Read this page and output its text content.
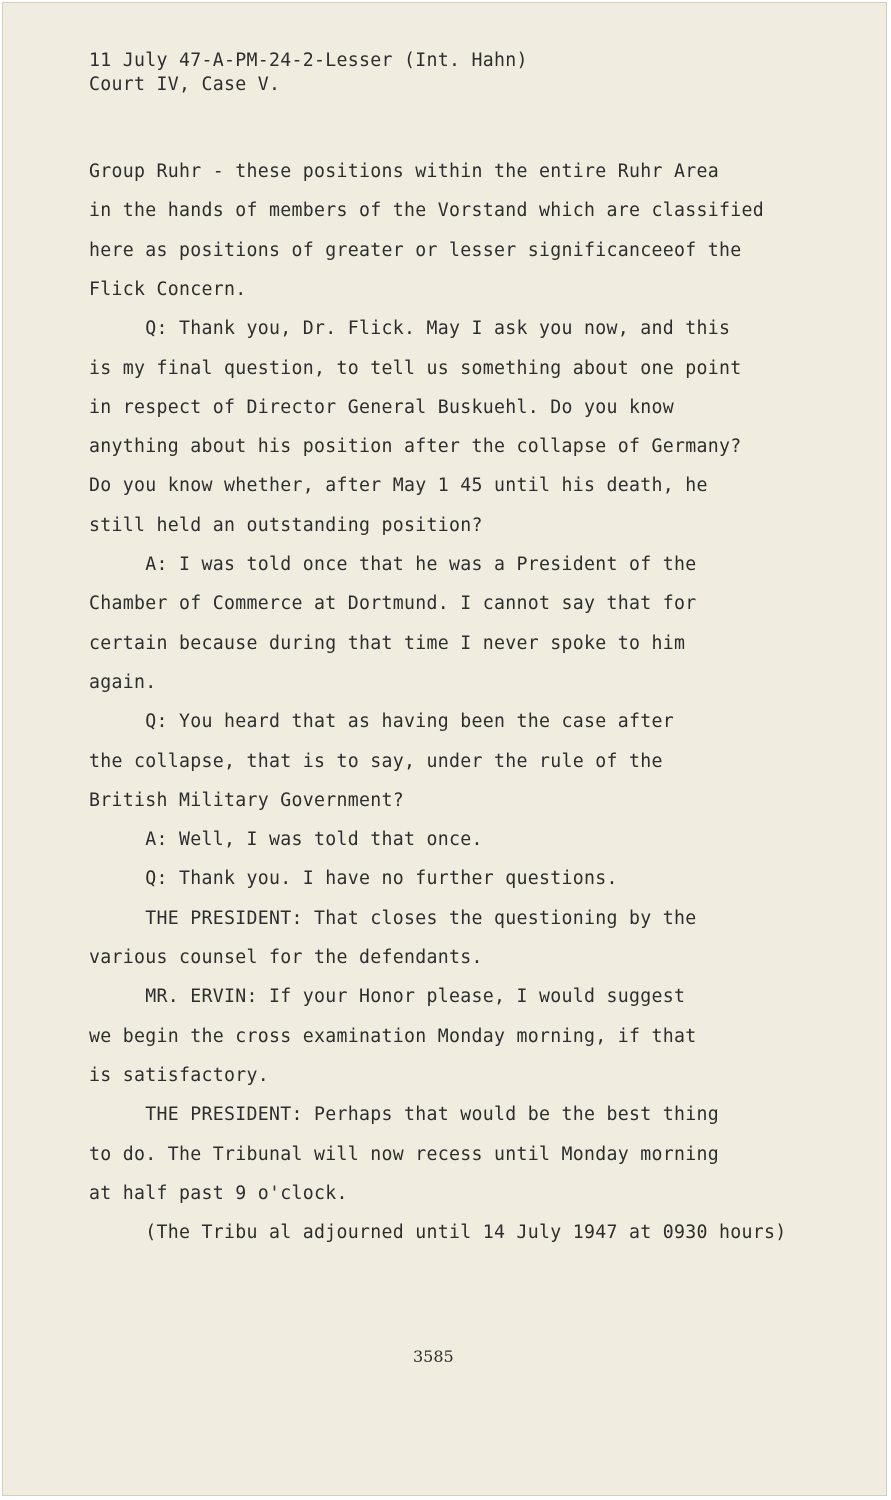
11 July 47-A-PM-24-2-Lesser (Int. Hahn)
Court IV, Case V.
Group Ruhr - these positions within the entire Ruhr Area
in the hands of members of the Vorstand which are classified
here as positions of greater or lesser significanceeof the
Flick Concern.
Q: Thank you, Dr. Flick. May I ask you now, and this
is my final question, to tell us something about one point
in respect of Director General Buskuehl. Do you know
anything about his position after the collapse of Germany?
Do you know whether, after May 1 45 until his death, he
still held an outstanding position?
A: I was told once that he was a President of the
Chamber of Commerce at Dortmund. I cannot say that for
certain because during that time I never spoke to him
again.
Q: You heard that as having been the case after
the collapse, that is to say, under the rule of the
British Military Government?
A: Well, I was told that once.
Q: Thank you. I have no further questions.
THE PRESIDENT: That closes the questioning by the
various counsel for the defendants.
MR. ERVIN: If your Honor please, I would suggest
we begin the cross examination Monday morning, if that
is satisfactory.
THE PRESIDENT: Perhaps that would be the best thing
to do. The Tribunal will now recess until Monday morning
at half past 9 o'clock.
(The Tribu al adjourned until 14 July 1947 at 0930 hours)
3585
